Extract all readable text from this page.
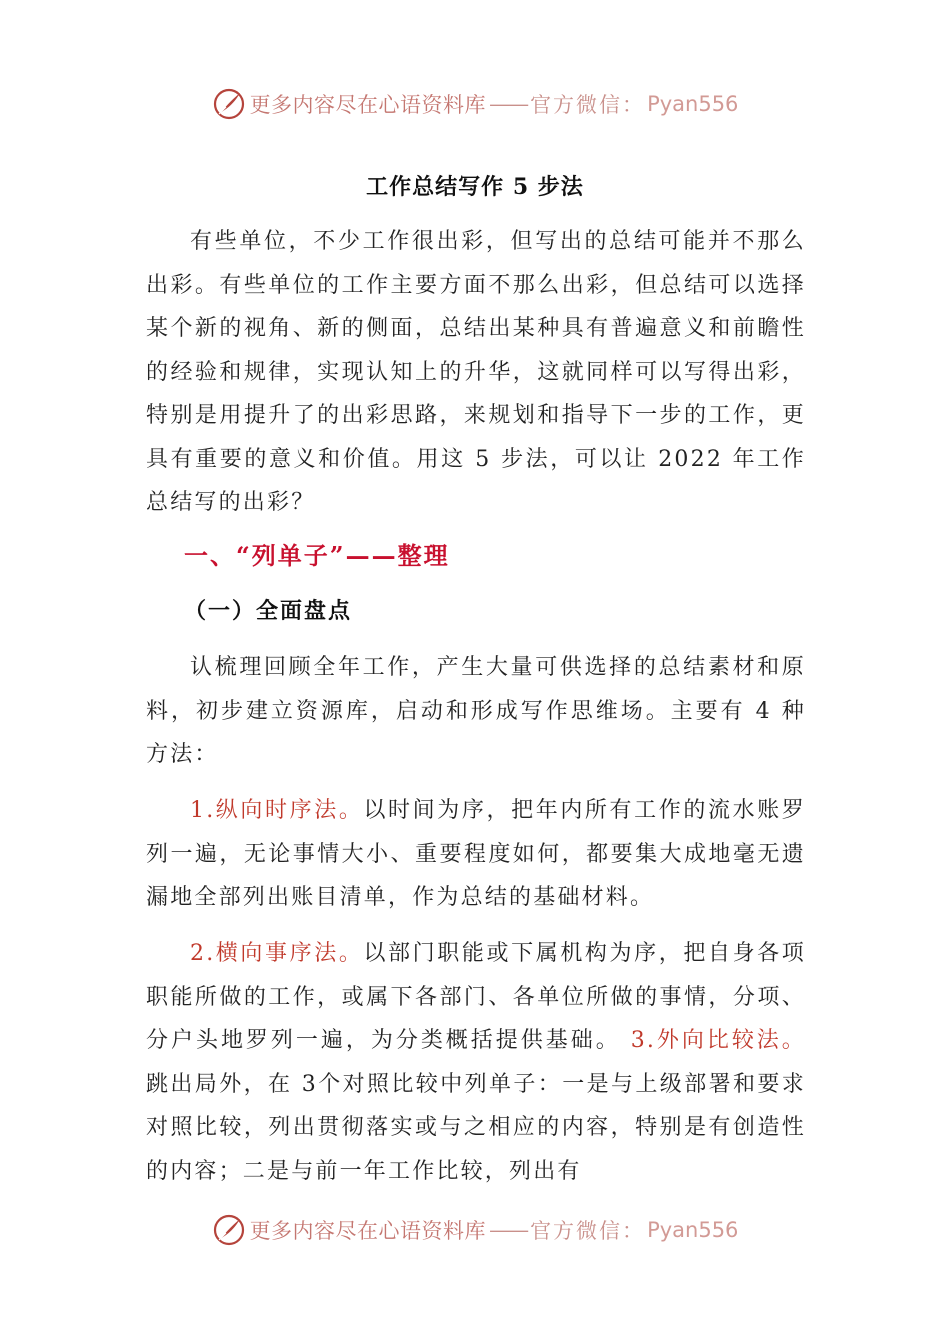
更多内容尽在心语资料库 —— 官方微信： Pyan556
工作总结写作 5 步法

有些单位，不少工作很出彩，但写出的总结可能并不那么出彩。有些单位的工作主要方面不那么出彩，但总结可以选择某个新的视角、新的侧面，总结出某种具有普遍意义和前瞻性的经验和规律，实现认知上的升华，这就同样可以写得出彩，特别是用提升了的出彩思路，来规划和指导下一步的工作，更具有重要的意义和价值。用这 5 步法，可以让 2022 年工作总结写的出彩？

一、“列单子”——整理
（一）全面盘点

认梳理回顾全年工作，产生大量可供选择的总结素材和原料，初步建立资源库，启动和形成写作思维场。主要有 4 种方法：

1.纵向时序法。以时间为序，把年内所有工作的流水账罗列一遍，无论事情大小、重要程度如何，都要集大成地毫无遗漏地全部列出账目清单，作为总结的基础材料。

2.横向事序法。以部门职能或下属机构为序，把自身各项职能所做的工作，或属下各部门、各单位所做的事情，分项、分户头地罗列一遍，为分类概括提供基础。 3.外向比较法。跳出局外，在 3个对照比较中列单子：一是与上级部署和要求对照比较，列出贯彻落实或与之相应的内容，特别是有创造性的内容；二是与前一年工作比较，列出有

更多内容尽在心语资料库 —— 官方微信： Pyan556
